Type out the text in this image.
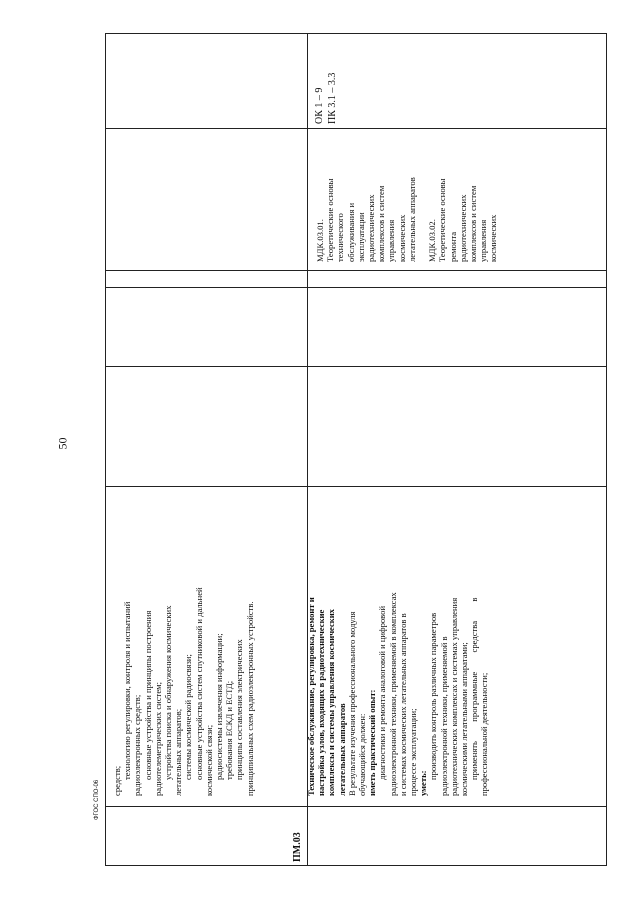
50
ФГОС СПО-06 средств;
технологию регулировки, контроля и испытаний радиоэлектронных средств; основные устройства и принципы построения радиотелеметрических систем; устройства поиска и обнаружения космических летательных аппаратов; системы космической радиосвязи; основные устройства систем спутниковой и дальней космической связи; радиосистемы извлечения информации; требования ЕСКД и ЕСТД; принципы составления электрических принципиальных схем радиоэлектронных устройств.
ПМ.03
Техническое обслуживание, регулировка, ремонт и настройка узлов, входящих в радиотехнические комплексы и системы управления космических летательных аппаратов В результате изучения профессионального модуля обучающийся должен: иметь практический опыт: диагностики и ремонта аналоговой и цифровой радиоэлектронной техники, применяемой в комплексах и системах космических летательных аппаратов в процессе эксплуатации; уметь:
производить контроль различных параметров радиоэлектронной техники, применяемой в радиотехнических комплексах и системах управления космическими летательными аппаратами; применять         программные         средства         в профессиональной деятельности;
МДК.03.01. Теоретические основы технического обслуживания и эксплуатации радиотехнических комплексов и систем управления космических летательных аппаратов
МДК.03.02. Теоретические основы ремонта радиотехнических комплексов и систем управления космических
ОК 1 – 9 ПК 3.1 – 3.3
